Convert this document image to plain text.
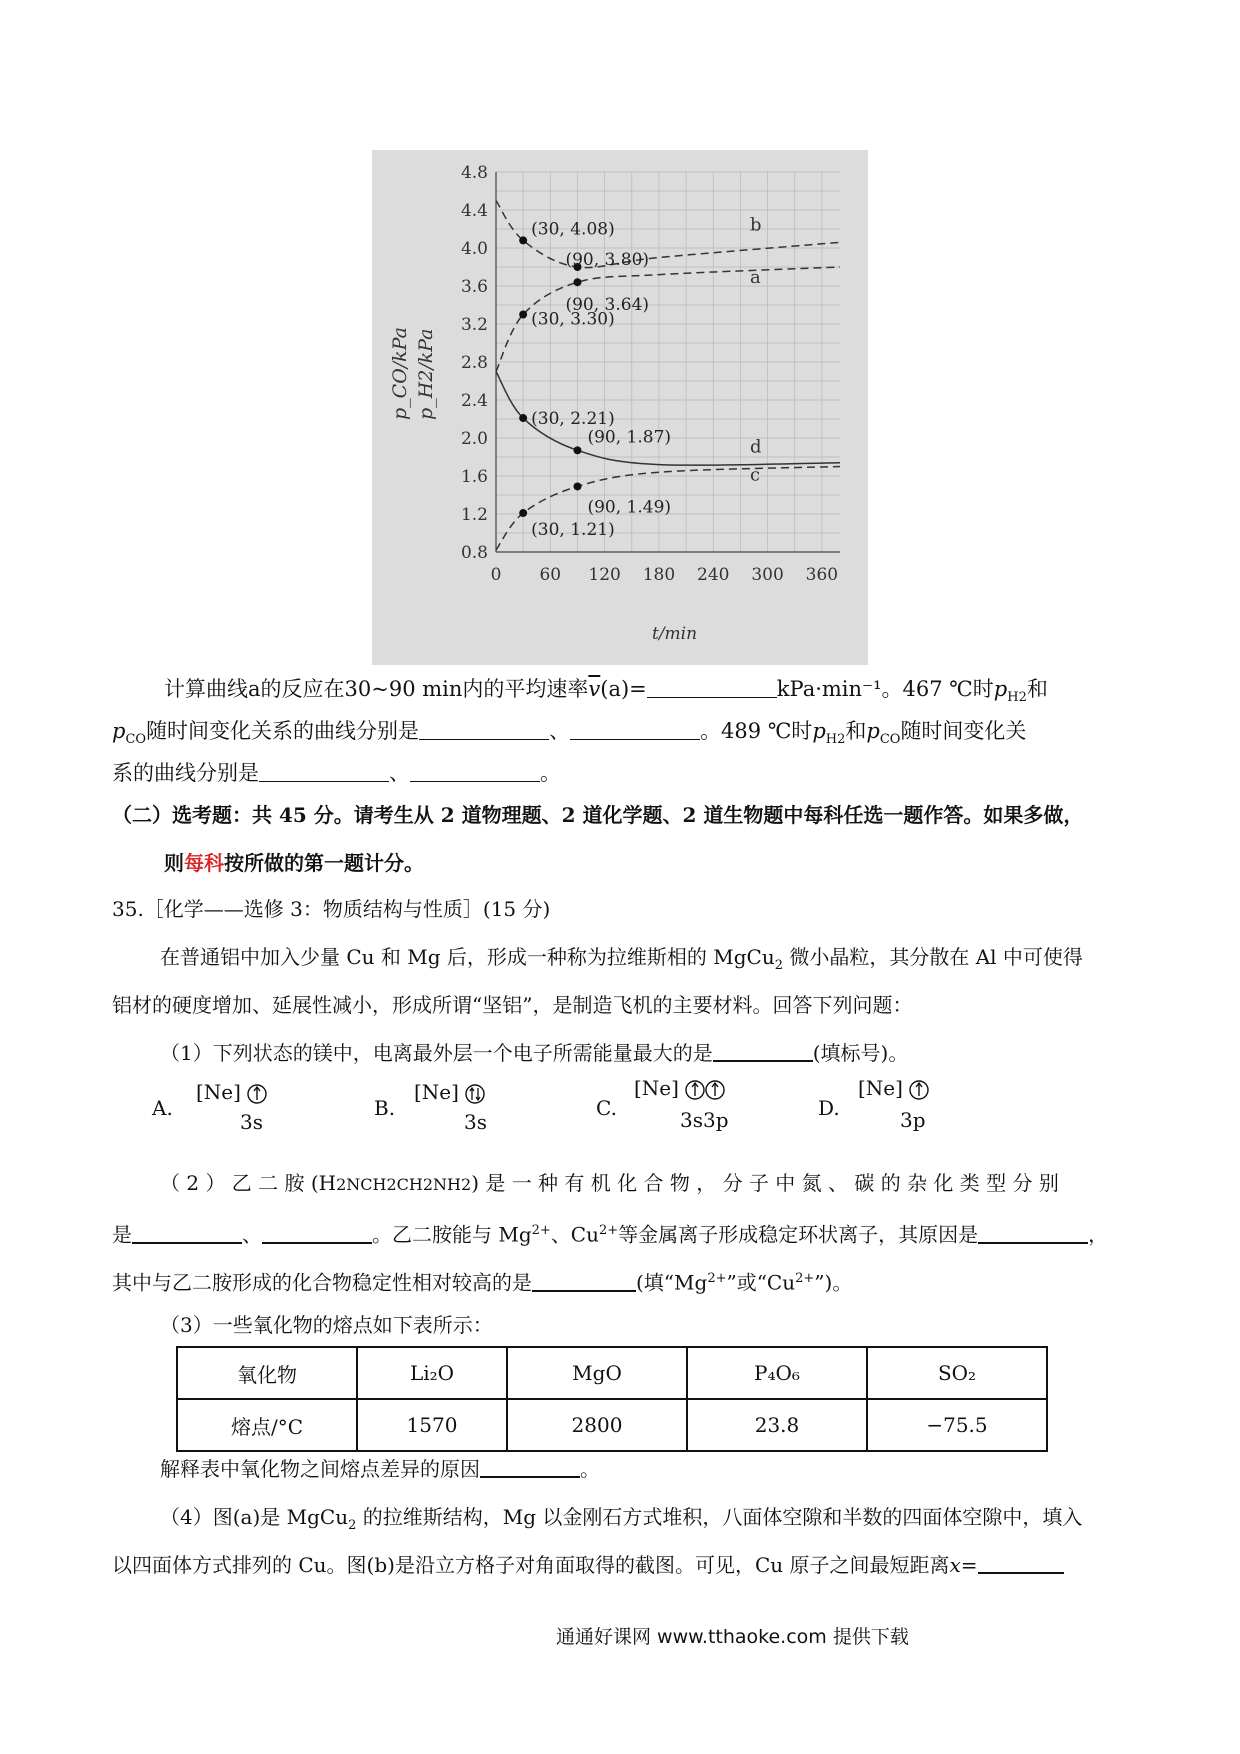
0 60 120 180 240 300 360
0.8
1.2
1.6
2.0
2.4
2.8
3.2
3.6
4.0
4.4
4.8
a
b
c
d
(30, 4.08)
(90, 3.80)
(90, 3.64)
(30, 3.30)
(30, 2.21)
(90, 1.87)
(90, 1.49)
(30, 1.21)
p_CO/kPa p_H2/kPa
t/min
计算曲线a的反应在30~90 min内的平均速率$\overline{v}(a)=$	kPa·min⁻¹。467 ℃时$p_{H2}$和
$p_{CO}$随时间变化关系的曲线分别是	、	。489 ℃时$p_{H2}$和$p_{CO}$随时间变化关
系的曲线分别是	、	。
（二）选考题：共 45 分。请考生从 2 道物理题、2 道化学题、2 道生物题中每科任选一题作答。如果多做，
则每科按所做的第一题计分。
35.［化学——选修 3：物质结构与性质］(15 分)
在普通铝中加入少量 Cu 和 Mg 后，形成一种称为拉维斯相的 MgCu$_2$ 微小晶粒，其分散在 Al 中可使得
铝材的硬度增加、延展性减小，形成所谓“坚铝”，是制造飞机的主要材料。回答下列问题：
（1）下列状态的镁中，电离最外层一个电子所需能量最大的是	(填标号)。
A.
[Ne]
3s
B.
[Ne]
3s
C.
[Ne]
3s3p	D.
[Ne]
3p
（ 2 ） 乙 二 胺 (H2NCH2CH2NH2) 是 一 种 有 机 化 合 物 ， 分 子 中 氮 、 碳 的 杂 化 类 型 分 别
是	、	。乙二胺能与 $Mg^{2+}$、$Cu^{2+}$等金属离子形成稳定环状离子，其原因是	，
其中与乙二胺形成的化合物稳定性相对较高的是	(填“$Mg^{2+}$”或“$Cu^{2+}$”)。
（3）一些氧化物的熔点如下表所示：
氧化物	Li₂O	MgO	P₄O₆	SO₂
熔点/°C	1570	2800	23.8	−75.5
解释表中氧化物之间熔点差异的原因	。
（4）图(a)是 MgCu$_2$ 的拉维斯结构，Mg 以金刚石方式堆积，八面体空隙和半数的四面体空隙中，填入
以四面体方式排列的 Cu。图(b)是沿立方格子对角面取得的截图。可见，Cu 原子之间最短距离x=
通通好课网 www.tthaoke.com 提供下载
